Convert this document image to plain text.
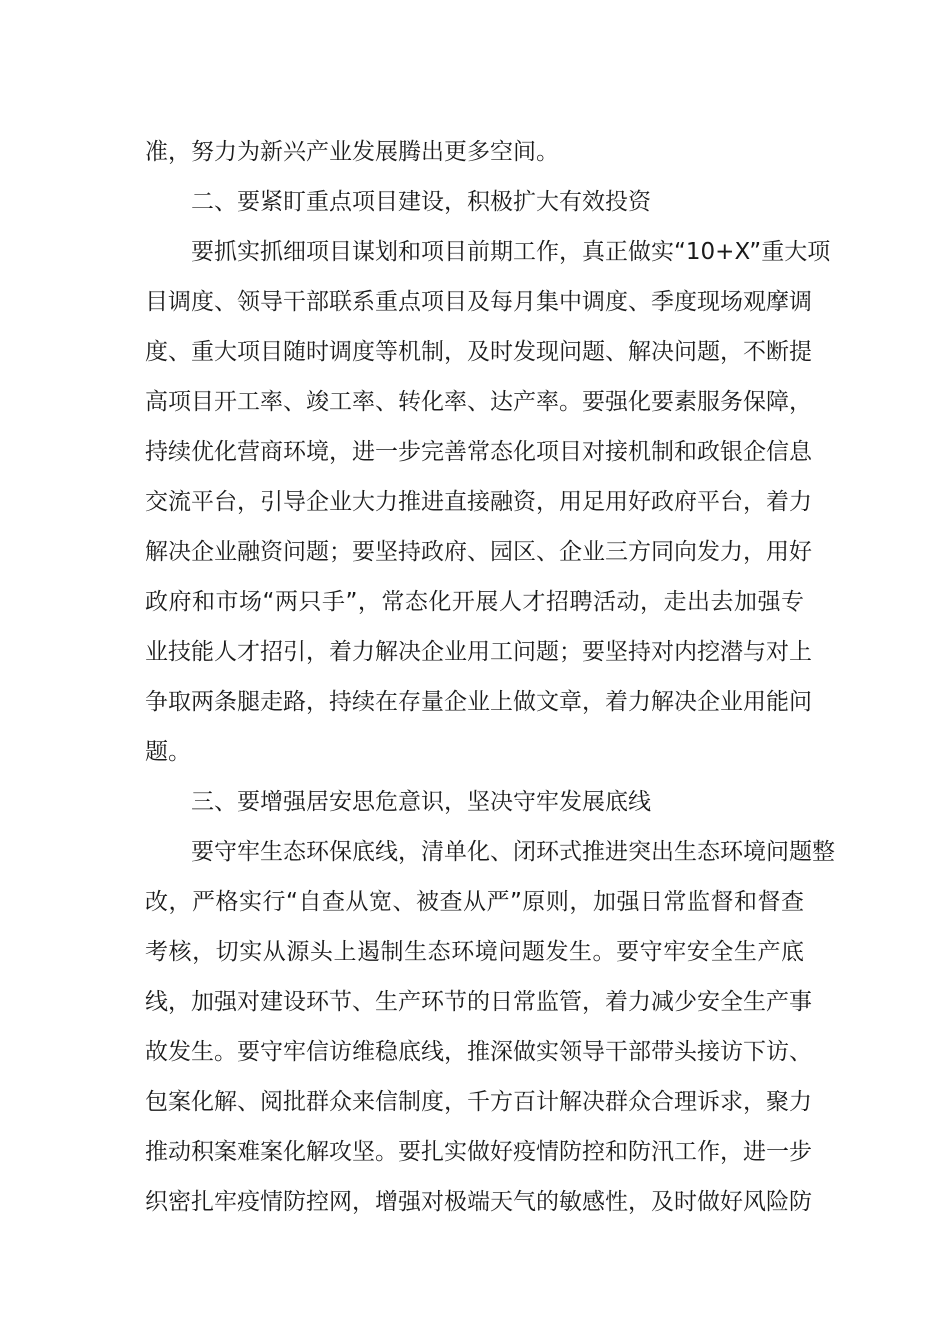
准，努力为新兴产业发展腾出更多空间。
二、要紧盯重点项目建设，积极扩大有效投资
要抓实抓细项目谋划和项目前期工作，真正做实“10+X”重大项
目调度、领导干部联系重点项目及每月集中调度、季度现场观摩调
度、重大项目随时调度等机制，及时发现问题、解决问题，不断提
高项目开工率、竣工率、转化率、达产率。要强化要素服务保障，
持续优化营商环境，进一步完善常态化项目对接机制和政银企信息
交流平台，引导企业大力推进直接融资，用足用好政府平台，着力
解决企业融资问题；要坚持政府、园区、企业三方同向发力，用好
政府和市场“两只手”，常态化开展人才招聘活动，走出去加强专
业技能人才招引，着力解决企业用工问题；要坚持对内挖潜与对上
争取两条腿走路，持续在存量企业上做文章，着力解决企业用能问
题。
三、要增强居安思危意识，坚决守牢发展底线
要守牢生态环保底线，清单化、闭环式推进突出生态环境问题整
改，严格实行“自查从宽、被查从严”原则，加强日常监督和督查
考核，切实从源头上遏制生态环境问题发生。要守牢安全生产底
线，加强对建设环节、生产环节的日常监管，着力减少安全生产事
故发生。要守牢信访维稳底线，推深做实领导干部带头接访下访、
包案化解、阅批群众来信制度，千方百计解决群众合理诉求，聚力
推动积案难案化解攻坚。要扎实做好疫情防控和防汛工作，进一步
织密扎牢疫情防控网，增强对极端天气的敏感性，及时做好风险防
